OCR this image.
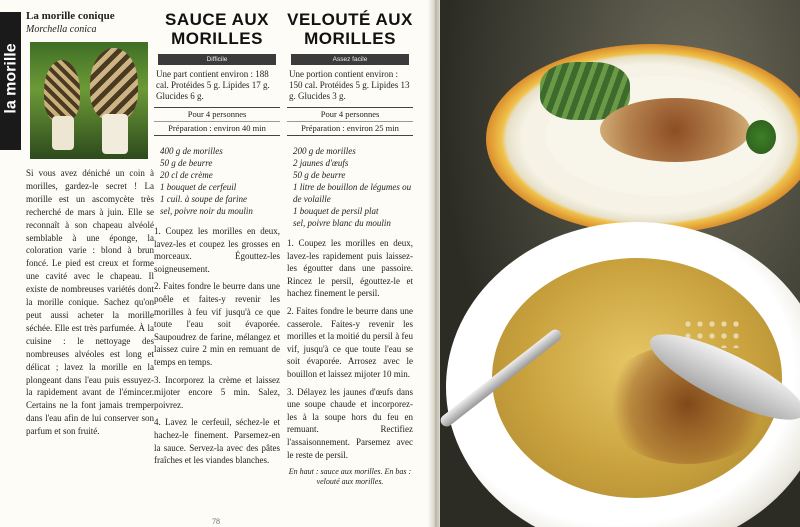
la morille
La morille conique
Morchella conica
Si vous avez déniché un coin à morilles, gardez-le secret ! La morille est un ascomycète très recherché de mars à juin. Elle se reconnaît à son chapeau alvéolé semblable à une éponge, la coloration varie : blond à brun foncé. Le pied est creux et forme une cavité avec le chapeau. Il existe de nombreuses variétés dont la morille conique. Sachez qu'on peut aussi acheter la morille séchée. Elle est très parfumée. À la cuisine : le nettoyage des nombreuses alvéoles est long et délicat ; lavez la morille en la plongeant dans l'eau puis essuyez-la rapidement avant de l'émincer. Certains ne la font jamais tremper dans l'eau afin de lui conserver son parfum et son fruité.
SAUCE AUX MORILLES
Difficile
Une part contient environ : 188 cal. Protéides 5 g. Lipides 17 g. Glucides 6 g.
Pour 4 personnes
Préparation : environ 40 min
400 g de morilles
50 g de beurre
20 cl de crème
1 bouquet de cerfeuil
1 cuil. à soupe de farine
sel, poivre noir du moulin
1. Coupez les morilles en deux, lavez-les et coupez les grosses en morceaux. Égouttez-les soigneusement.
2. Faites fondre le beurre dans une poêle et faites-y revenir les morilles à feu vif jusqu'à ce que toute l'eau soit évaporée. Saupoudrez de farine, mélangez et laissez cuire 2 min en remuant de temps en temps.
3. Incorporez la crème et laissez mijoter encore 5 min. Salez, poivrez.
4. Lavez le cerfeuil, séchez-le et hachez-le finement. Parsemez-en la sauce. Servez-la avec des pâtes fraîches et les viandes blanches.
VELOUTÉ AUX MORILLES
Assez facile
Une portion contient environ : 150 cal. Protéides 5 g. Lipides 13 g. Glucides 3 g.
Pour 4 personnes
Préparation : environ 25 min
200 g de morilles
2 jaunes d'œufs
50 g de beurre
1 litre de bouillon de légumes ou de volaille
1 bouquet de persil plat
sel, poivre blanc du moulin
1. Coupez les morilles en deux, lavez-les rapidement puis laissez-les égoutter dans une passoire. Rincez le persil, égouttez-le et hachez finement le persil.
2. Faites fondre le beurre dans une casserole. Faites-y revenir les morilles et la moitié du persil à feu vif, jusqu'à ce que toute l'eau se soit évaporée. Arrosez avec le bouillon et laissez mijoter 10 min.
3. Délayez les jaunes d'œufs dans une soupe chaude et incorporez-les à la soupe hors du feu en remuant. Rectifiez l'assaisonnement. Parsemez avec le reste de persil.
En haut : sauce aux morilles. En bas : velouté aux morilles.
78
